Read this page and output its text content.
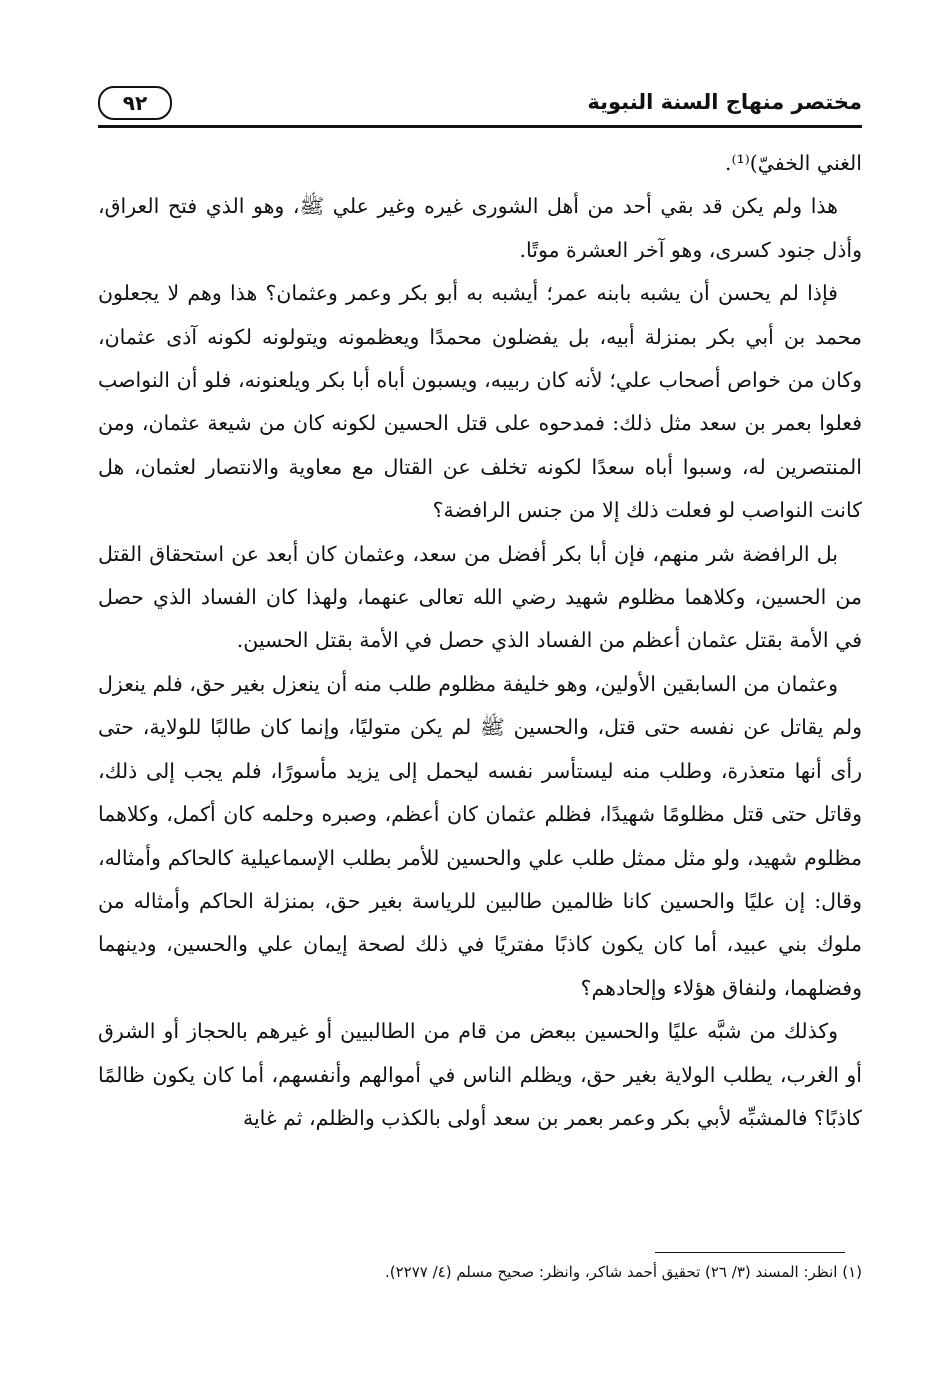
مختصر منهاج السنة النبوية
٩٢

الغني الخفيّ)⁽¹⁾.

هذا ولم يكن قد بقي أحد من أهل الشورى غيره وغير علي ﷺ، وهو الذي فتح العراق، وأذل جنود كسرى، وهو آخر العشرة موتًا.

فإذا لم يحسن أن يشبه بابنه عمر؛ أيشبه به أبو بكر وعمر وعثمان؟ هذا وهم لا يجعلون محمد بن أبي بكر بمنزلة أبيه، بل يفضلون محمدًا ويعظمونه ويتولونه لكونه آذى عثمان، وكان من خواص أصحاب علي؛ لأنه كان ربيبه، ويسبون أباه أبا بكر ويلعنونه، فلو أن النواصب فعلوا بعمر بن سعد مثل ذلك: فمدحوه على قتل الحسين لكونه كان من شيعة عثمان، ومن المنتصرين له، وسبوا أباه سعدًا لكونه تخلف عن القتال مع معاوية والانتصار لعثمان، هل كانت النواصب لو فعلت ذلك إلا من جنس الرافضة؟

بل الرافضة شر منهم، فإن أبا بكر أفضل من سعد، وعثمان كان أبعد عن استحقاق القتل من الحسين، وكلاهما مظلوم شهيد رضي الله تعالى عنهما، ولهذا كان الفساد الذي حصل في الأمة بقتل عثمان أعظم من الفساد الذي حصل في الأمة بقتل الحسين.

وعثمان من السابقين الأولين، وهو خليفة مظلوم طلب منه أن ينعزل بغير حق، فلم ينعزل ولم يقاتل عن نفسه حتى قتل، والحسين ﷺ لم يكن متوليًا، وإنما كان طالبًا للولاية، حتى رأى أنها متعذرة، وطلب منه ليستأسر نفسه ليحمل إلى يزيد مأسورًا، فلم يجب إلى ذلك، وقاتل حتى قتل مظلومًا شهيدًا، فظلم عثمان كان أعظم، وصبره وحلمه كان أكمل، وكلاهما مظلوم شهيد، ولو مثل ممثل طلب علي والحسين للأمر بطلب الإسماعيلية كالحاكم وأمثاله، وقال: إن عليًا والحسين كانا ظالمين طالبين للرياسة بغير حق، بمنزلة الحاكم وأمثاله من ملوك بني عبيد، أما كان يكون كاذبًا مفتريًا في ذلك لصحة إيمان علي والحسين، ودينهما وفضلهما، ولنفاق هؤلاء وإلحادهم؟

وكذلك من شبَّه عليًا والحسين ببعض من قام من الطالبيين أو غيرهم بالحجاز أو الشرق أو الغرب، يطلب الولاية بغير حق، ويظلم الناس في أموالهم وأنفسهم، أما كان يكون ظالمًا كاذبًا؟ فالمشبِّه لأبي بكر وعمر بعمر بن سعد أولى بالكذب والظلم، ثم غاية

(١) انظر: المسند (٣/ ٢٦) تحقيق أحمد شاكر، وانظر: صحيح مسلم (٤/ ٢٢٧٧).
